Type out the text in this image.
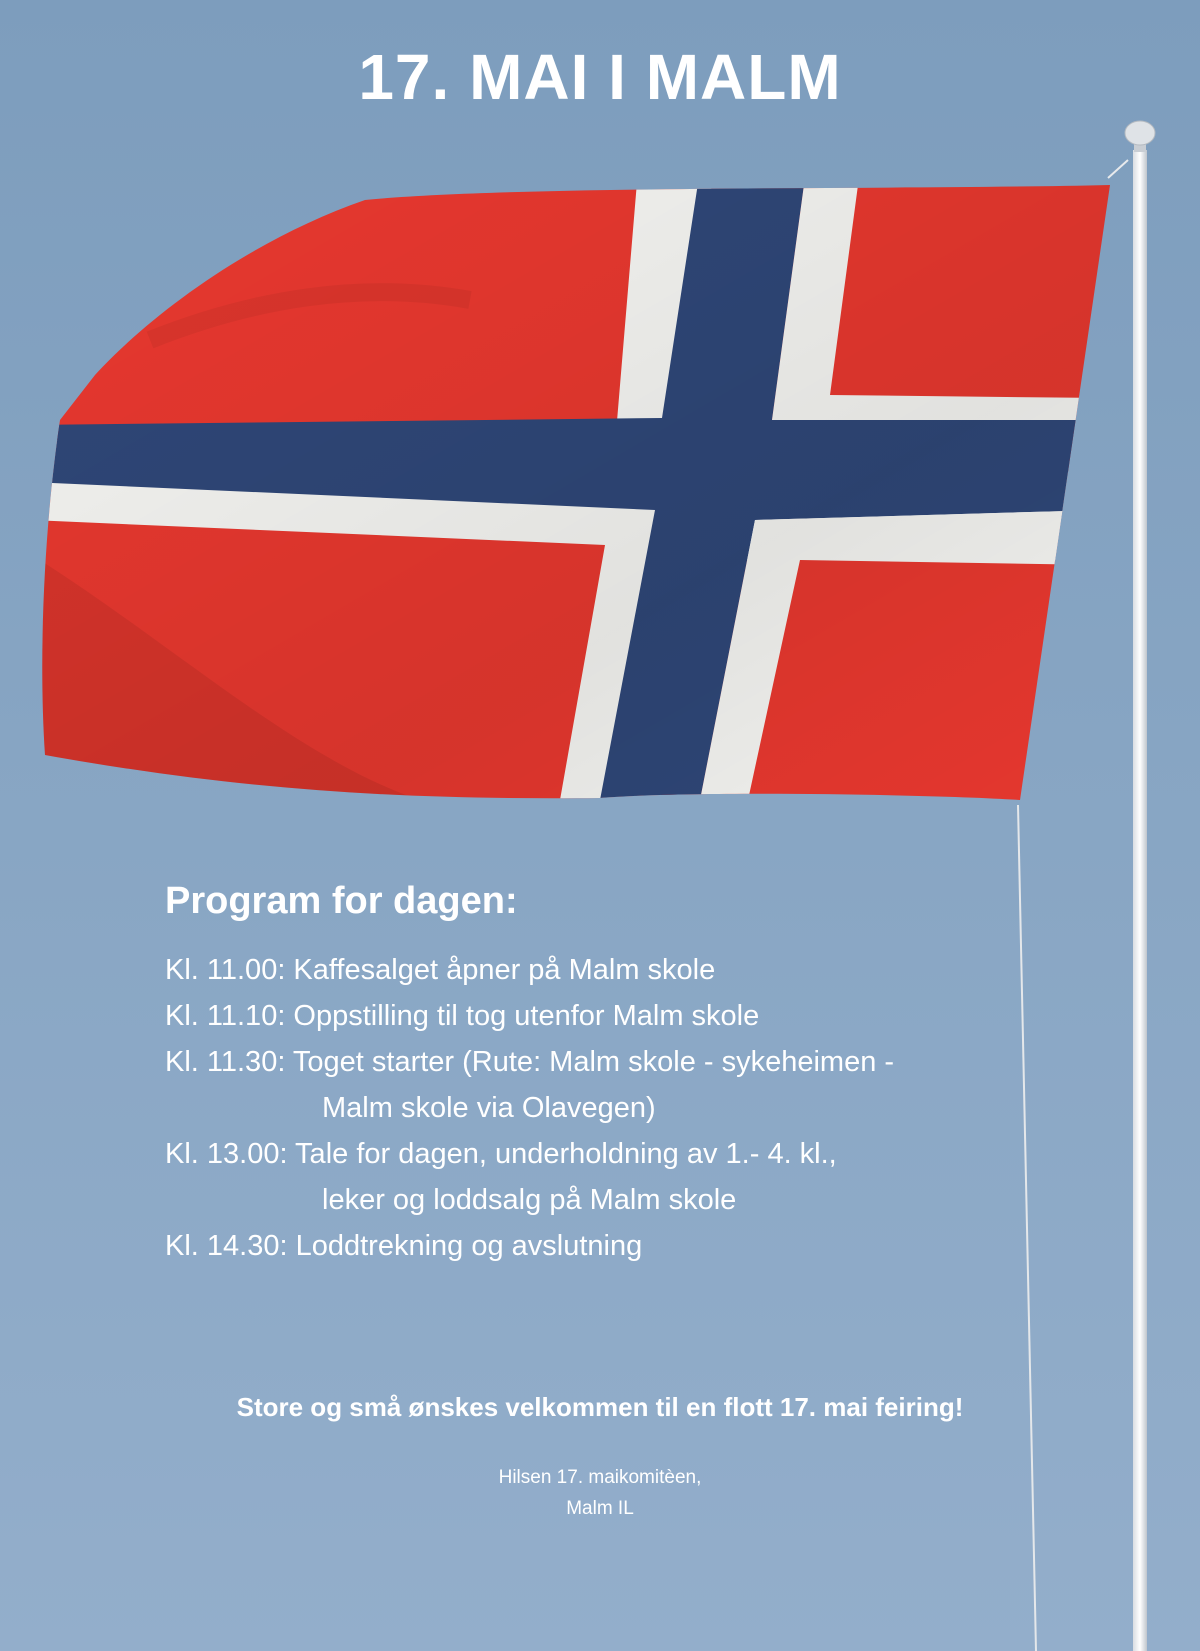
17. MAI I MALM
Program for dagen:
Kl. 11.00: Kaffesalget åpner på Malm skole
Kl. 11.10: Oppstilling til tog utenfor Malm skole
Kl. 11.30: Toget starter (Rute: Malm skole - sykeheimen -
Malm skole via Olavegen)
Kl. 13.00: Tale for dagen, underholdning av 1.- 4. kl.,
leker og loddsalg på Malm skole
Kl. 14.30: Loddtrekning og avslutning
Store og små ønskes velkommen til en flott 17. mai feiring!
Hilsen 17. maikomitèen,
Malm IL
